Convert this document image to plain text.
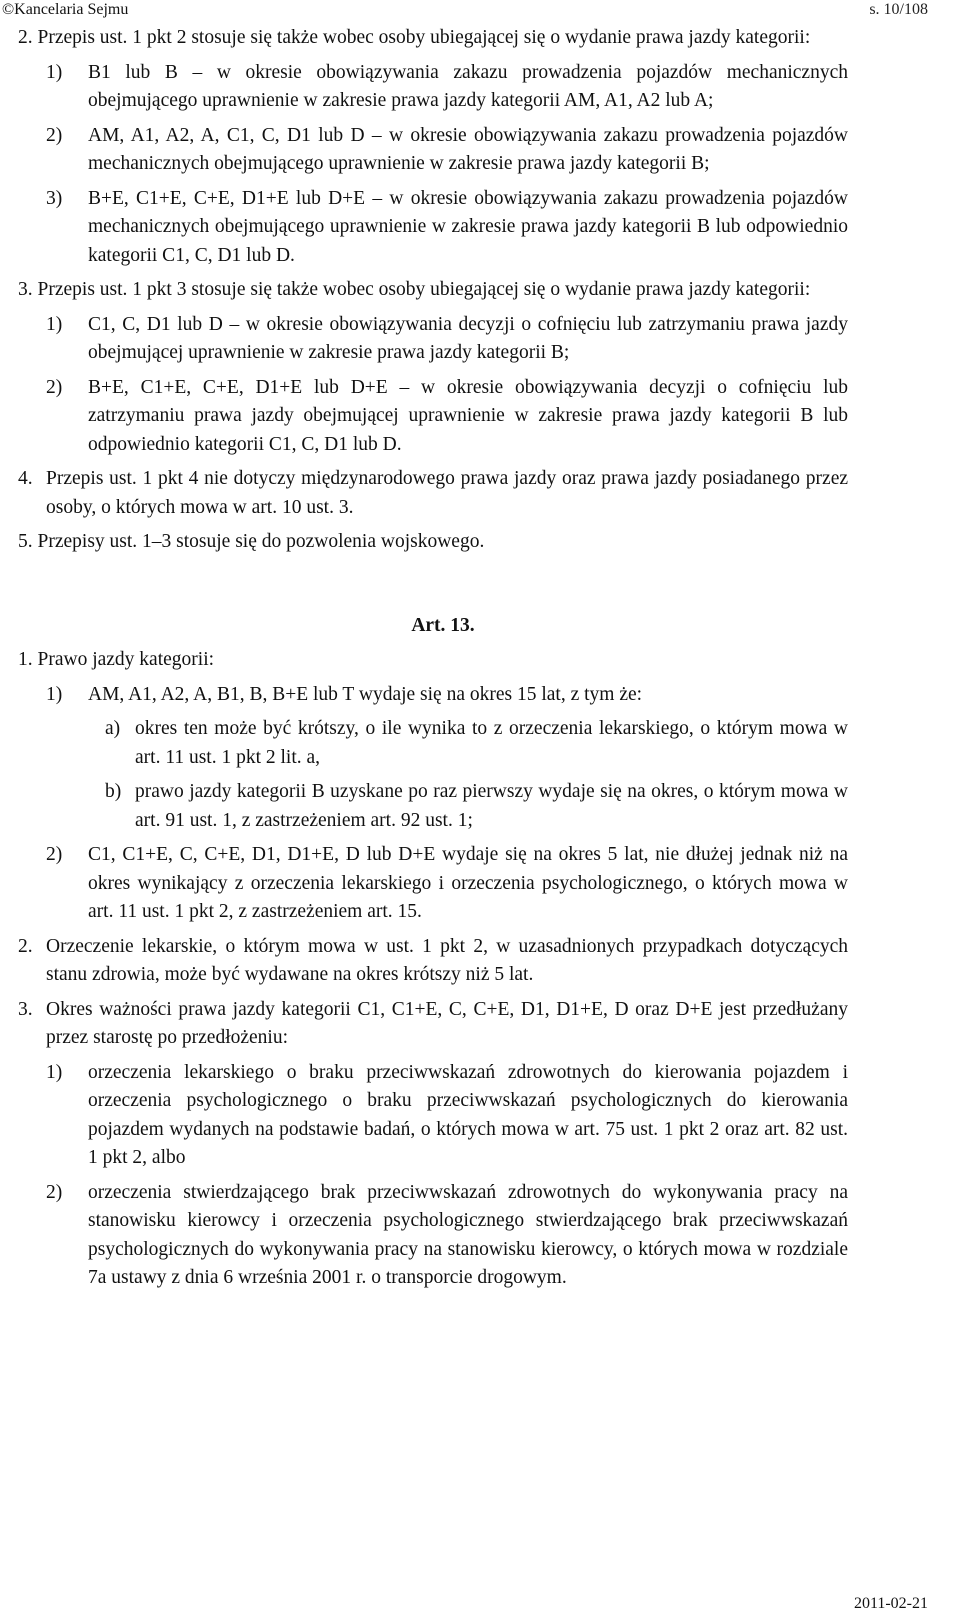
©Kancelaria Sejmu	s. 10/108

2. Przepis ust. 1 pkt 2 stosuje się także wobec osoby ubiegającej się o wydanie prawa jazdy kategorii:

1) B1 lub B – w okresie obowiązywania zakazu prowadzenia pojazdów mechanicznych obejmującego uprawnienie w zakresie prawa jazdy kategorii AM, A1, A2 lub A;

2) AM, A1, A2, A, C1, C, D1 lub D – w okresie obowiązywania zakazu prowadzenia pojazdów mechanicznych obejmującego uprawnienie w zakresie prawa jazdy kategorii B;

3) B+E, C1+E, C+E, D1+E lub D+E – w okresie obowiązywania zakazu prowadzenia pojazdów mechanicznych obejmującego uprawnienie w zakresie prawa jazdy kategorii B lub odpowiednio kategorii C1, C, D1 lub D.

3. Przepis ust. 1 pkt 3 stosuje się także wobec osoby ubiegającej się o wydanie prawa jazdy kategorii:

1) C1, C, D1 lub D – w okresie obowiązywania decyzji o cofnięciu lub zatrzymaniu prawa jazdy obejmującej uprawnienie w zakresie prawa jazdy kategorii B;

2) B+E, C1+E, C+E, D1+E lub D+E – w okresie obowiązywania decyzji o cofnięciu lub zatrzymaniu prawa jazdy obejmującej uprawnienie w zakresie prawa jazdy kategorii B lub odpowiednio kategorii C1, C, D1 lub D.

4. Przepis ust. 1 pkt 4 nie dotyczy międzynarodowego prawa jazdy oraz prawa jazdy posiadanego przez osoby, o których mowa w art. 10 ust. 3.

5. Przepisy ust. 1–3 stosuje się do pozwolenia wojskowego.

Art. 13.

1. Prawo jazdy kategorii:

1) AM, A1, A2, A, B1, B, B+E lub T wydaje się na okres 15 lat, z tym że:

a) okres ten może być krótszy, o ile wynika to z orzeczenia lekarskiego, o którym mowa w art. 11 ust. 1 pkt 2 lit. a,

b) prawo jazdy kategorii B uzyskane po raz pierwszy wydaje się na okres, o którym mowa w art. 91 ust. 1, z zastrzeżeniem art. 92 ust. 1;

2) C1, C1+E, C, C+E, D1, D1+E, D lub D+E wydaje się na okres 5 lat, nie dłużej jednak niż na okres wynikający z orzeczenia lekarskiego i orzeczenia psychologicznego, o których mowa w art. 11 ust. 1 pkt 2, z zastrzeżeniem art. 15.

2. Orzeczenie lekarskie, o którym mowa w ust. 1 pkt 2, w uzasadnionych przypadkach dotyczących stanu zdrowia, może być wydawane na okres krótszy niż 5 lat.

3. Okres ważności prawa jazdy kategorii C1, C1+E, C, C+E, D1, D1+E, D oraz D+E jest przedłużany przez starostę po przedłożeniu:

1) orzeczenia lekarskiego o braku przeciwwskazań zdrowotnych do kierowania pojazdem i orzeczenia psychologicznego o braku przeciwwskazań psychologicznych do kierowania pojazdem wydanych na podstawie badań, o których mowa w art. 75 ust. 1 pkt 2 oraz art. 82 ust. 1 pkt 2, albo

2) orzeczenia stwierdzającego brak przeciwwskazań zdrowotnych do wykonywania pracy na stanowisku kierowcy i orzeczenia psychologicznego stwierdzającego brak przeciwwskazań psychologicznych do wykonywania pracy na stanowisku kierowcy, o których mowa w rozdziale 7a ustawy z dnia 6 września 2001 r. o transporcie drogowym.

2011-02-21
